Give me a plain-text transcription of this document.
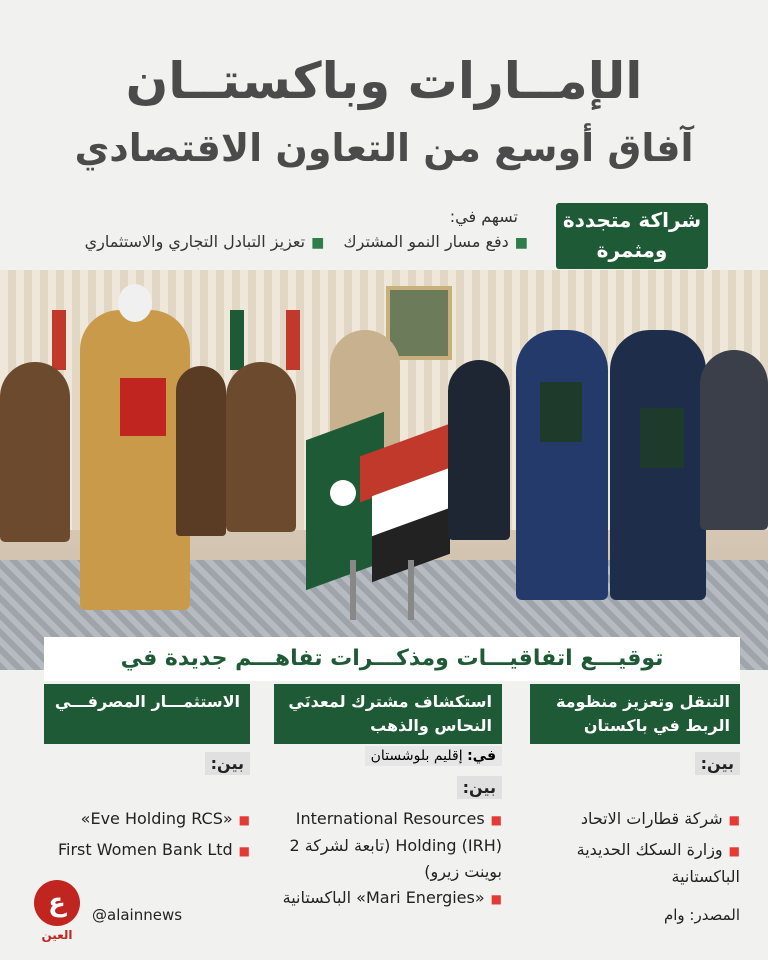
الإمــارات وباكستــان
آفاق أوسع من التعاون الاقتصادي
شراكة متجددة ومثمرة
تسهم في:
■دفع مسار النمو المشترك ■تعزيز التبادل التجاري والاستثماري
توقيـــع اتفاقيـــات ومذكـــرات تفاهـــم جديدة في
التنقل وتعزيز منظومة الربط في باكستان
بين:
■شركة قطارات الاتحاد
■وزارة السكك الحديدية الباكستانية
استكشاف مشترك لمعدنَي النحاس والذهب
في: إقليم بلوشستان
بين:
■International Resources Holding (IRH) (تابعة لشركة 2 بوينت زيرو)
■«Mari Energies» الباكستانية
الاستثمـــار المصرفـــي
بين:
■«Eve Holding RCS»
■First Women Bank Ltd
ع
العين
@alainnews	المصدر: وام
